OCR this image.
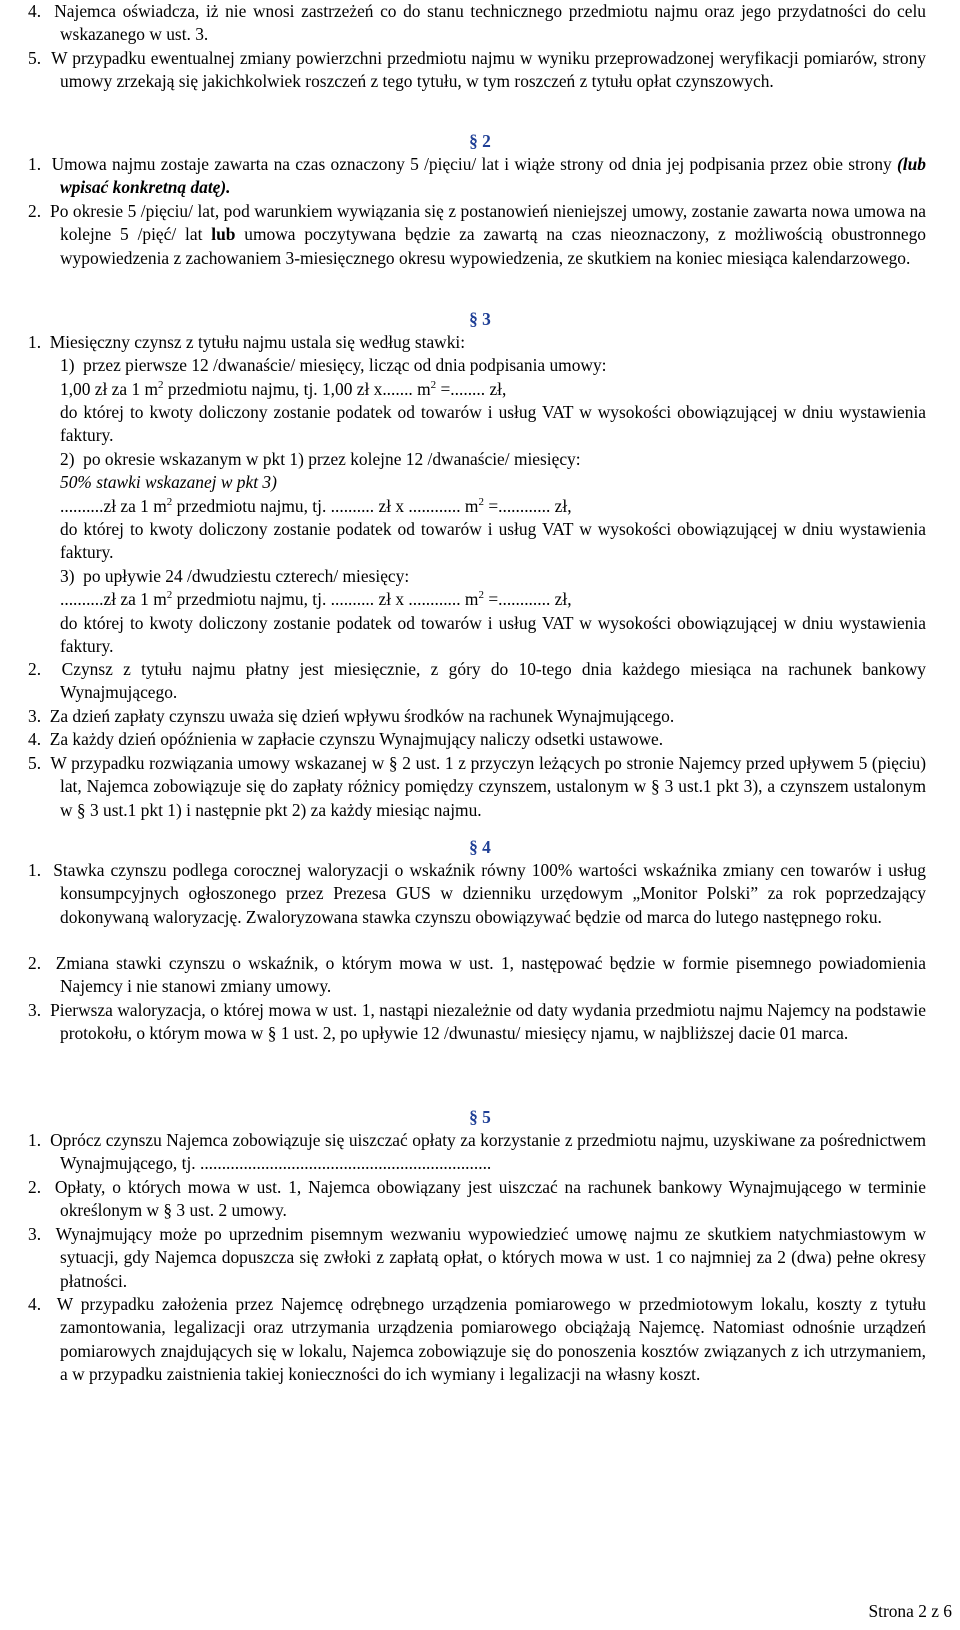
4.  Najemca oświadcza, iż nie wnosi zastrzeżeń co do stanu technicznego przedmiotu najmu oraz jego przydatności do celu wskazanego w ust. 3.
5.  W przypadku ewentualnej zmiany powierzchni przedmiotu najmu w wyniku przeprowadzonej weryfikacji pomiarów, strony umowy zrzekają się jakichkolwiek roszczeń z tego tytułu, w tym roszczeń z tytułu opłat czynszowych.
§ 2
1.  Umowa najmu zostaje zawarta na czas oznaczony 5 /pięciu/ lat i wiąże strony od dnia jej podpisania przez obie strony (lub wpisać konkretną datę).
2.  Po okresie 5 /pięciu/ lat, pod warunkiem wywiązania się z postanowień nieniejszej umowy, zostanie zawarta nowa umowa na kolejne 5 /pięć/ lat lub umowa poczytywana będzie za zawartą na czas nieoznaczony, z możliwością obustronnego wypowiedzenia z zachowaniem 3-miesięcznego okresu wypowiedzenia, ze skutkiem na koniec miesiąca kalendarzowego.
§ 3
1.  Miesięczny czynsz z tytułu najmu ustala się według stawki:
1)  przez pierwsze 12 /dwanaście/ miesięcy, licząc od dnia podpisania umowy:
1,00 zł za 1 $m^2$ przedmiotu najmu, tj. 1,00 zł x....... $m^2$ =........ zł,
do której to kwoty doliczony zostanie podatek od towarów i usług VAT w wysokości obowiązującej w dniu wystawienia faktury.
2)  po okresie wskazanym w pkt 1) przez kolejne 12 /dwanaście/ miesięcy:
50% stawki wskazanej w pkt 3)
..........zł za 1 $m^2$ przedmiotu najmu, tj. .......... zł x ............ $m^2$ =............ zł,
do której to kwoty doliczony zostanie podatek od towarów i usług VAT w wysokości obowiązującej w dniu wystawienia faktury.
3)  po upływie 24 /dwudziestu czterech/ miesięcy:
..........zł za 1 $m^2$ przedmiotu najmu, tj. .......... zł x ............ $m^2$ =............ zł,
do której to kwoty doliczony zostanie podatek od towarów i usług VAT w wysokości obowiązującej w dniu wystawienia faktury.
2.  Czynsz z tytułu najmu płatny jest miesięcznie, z góry do 10-tego dnia każdego miesiąca na rachunek bankowy Wynajmującego.
3.  Za dzień zapłaty czynszu uważa się dzień wpływu środków na rachunek Wynajmującego.
4.  Za każdy dzień opóźnienia w zapłacie czynszu Wynajmujący naliczy odsetki ustawowe.
5.  W przypadku rozwiązania umowy wskazanej w § 2 ust. 1 z przyczyn leżących po stronie Najemcy przed upływem 5 (pięciu) lat, Najemca zobowiązuje się do zapłaty różnicy pomiędzy czynszem, ustalonym w § 3 ust.1 pkt 3), a czynszem ustalonym w § 3 ust.1 pkt 1) i następnie pkt 2) za każdy miesiąc najmu.
§ 4
1.  Stawka czynszu podlega corocznej waloryzacji o wskaźnik równy 100% wartości wskaźnika zmiany cen towarów i usług konsumpcyjnych ogłoszonego przez Prezesa GUS w dzienniku urzędowym „Monitor Polski” za rok poprzedzający dokonywaną waloryzację. Zwaloryzowana stawka czynszu obowiązywać będzie od marca do lutego następnego roku.
2.  Zmiana stawki czynszu o wskaźnik, o którym mowa w ust. 1, następować będzie w formie pisemnego powiadomienia Najemcy i nie stanowi zmiany umowy.
3.  Pierwsza waloryzacja, o której mowa w ust. 1, nastąpi niezależnie od daty wydania przedmiotu najmu Najemcy na podstawie protokołu, o którym mowa w § 1 ust. 2, po upływie 12 /dwunastu/ miesięcy njamu, w najbliższej dacie 01 marca.
§ 5
1.  Oprócz czynszu Najemca zobowiązuje się uiszczać opłaty za korzystanie z przedmiotu najmu, uzyskiwane za pośrednictwem Wynajmującego, tj. ...................................................................
2.  Opłaty, o których mowa w ust. 1, Najemca obowiązany jest uiszczać na rachunek bankowy Wynajmującego w terminie określonym w § 3 ust. 2 umowy.
3.  Wynajmujący może po uprzednim pisemnym wezwaniu wypowiedzieć umowę najmu ze skutkiem natychmiastowym w sytuacji, gdy Najemca dopuszcza się zwłoki z zapłatą opłat, o których mowa w ust. 1 co najmniej za 2 (dwa) pełne okresy płatności.
4.  W przypadku założenia przez Najemcę odrębnego urządzenia pomiarowego w przedmiotowym lokalu, koszty z tytułu zamontowania, legalizacji oraz utrzymania urządzenia pomiarowego obciążają Najemcę. Natomiast odnośnie urządzeń pomiarowych znajdujących się w lokalu, Najemca zobowiązuje się do ponoszenia kosztów związanych z ich utrzymaniem, a w przypadku zaistnienia takiej konieczności do ich wymiany i legalizacji na własny koszt.
Strona 2 z 6
